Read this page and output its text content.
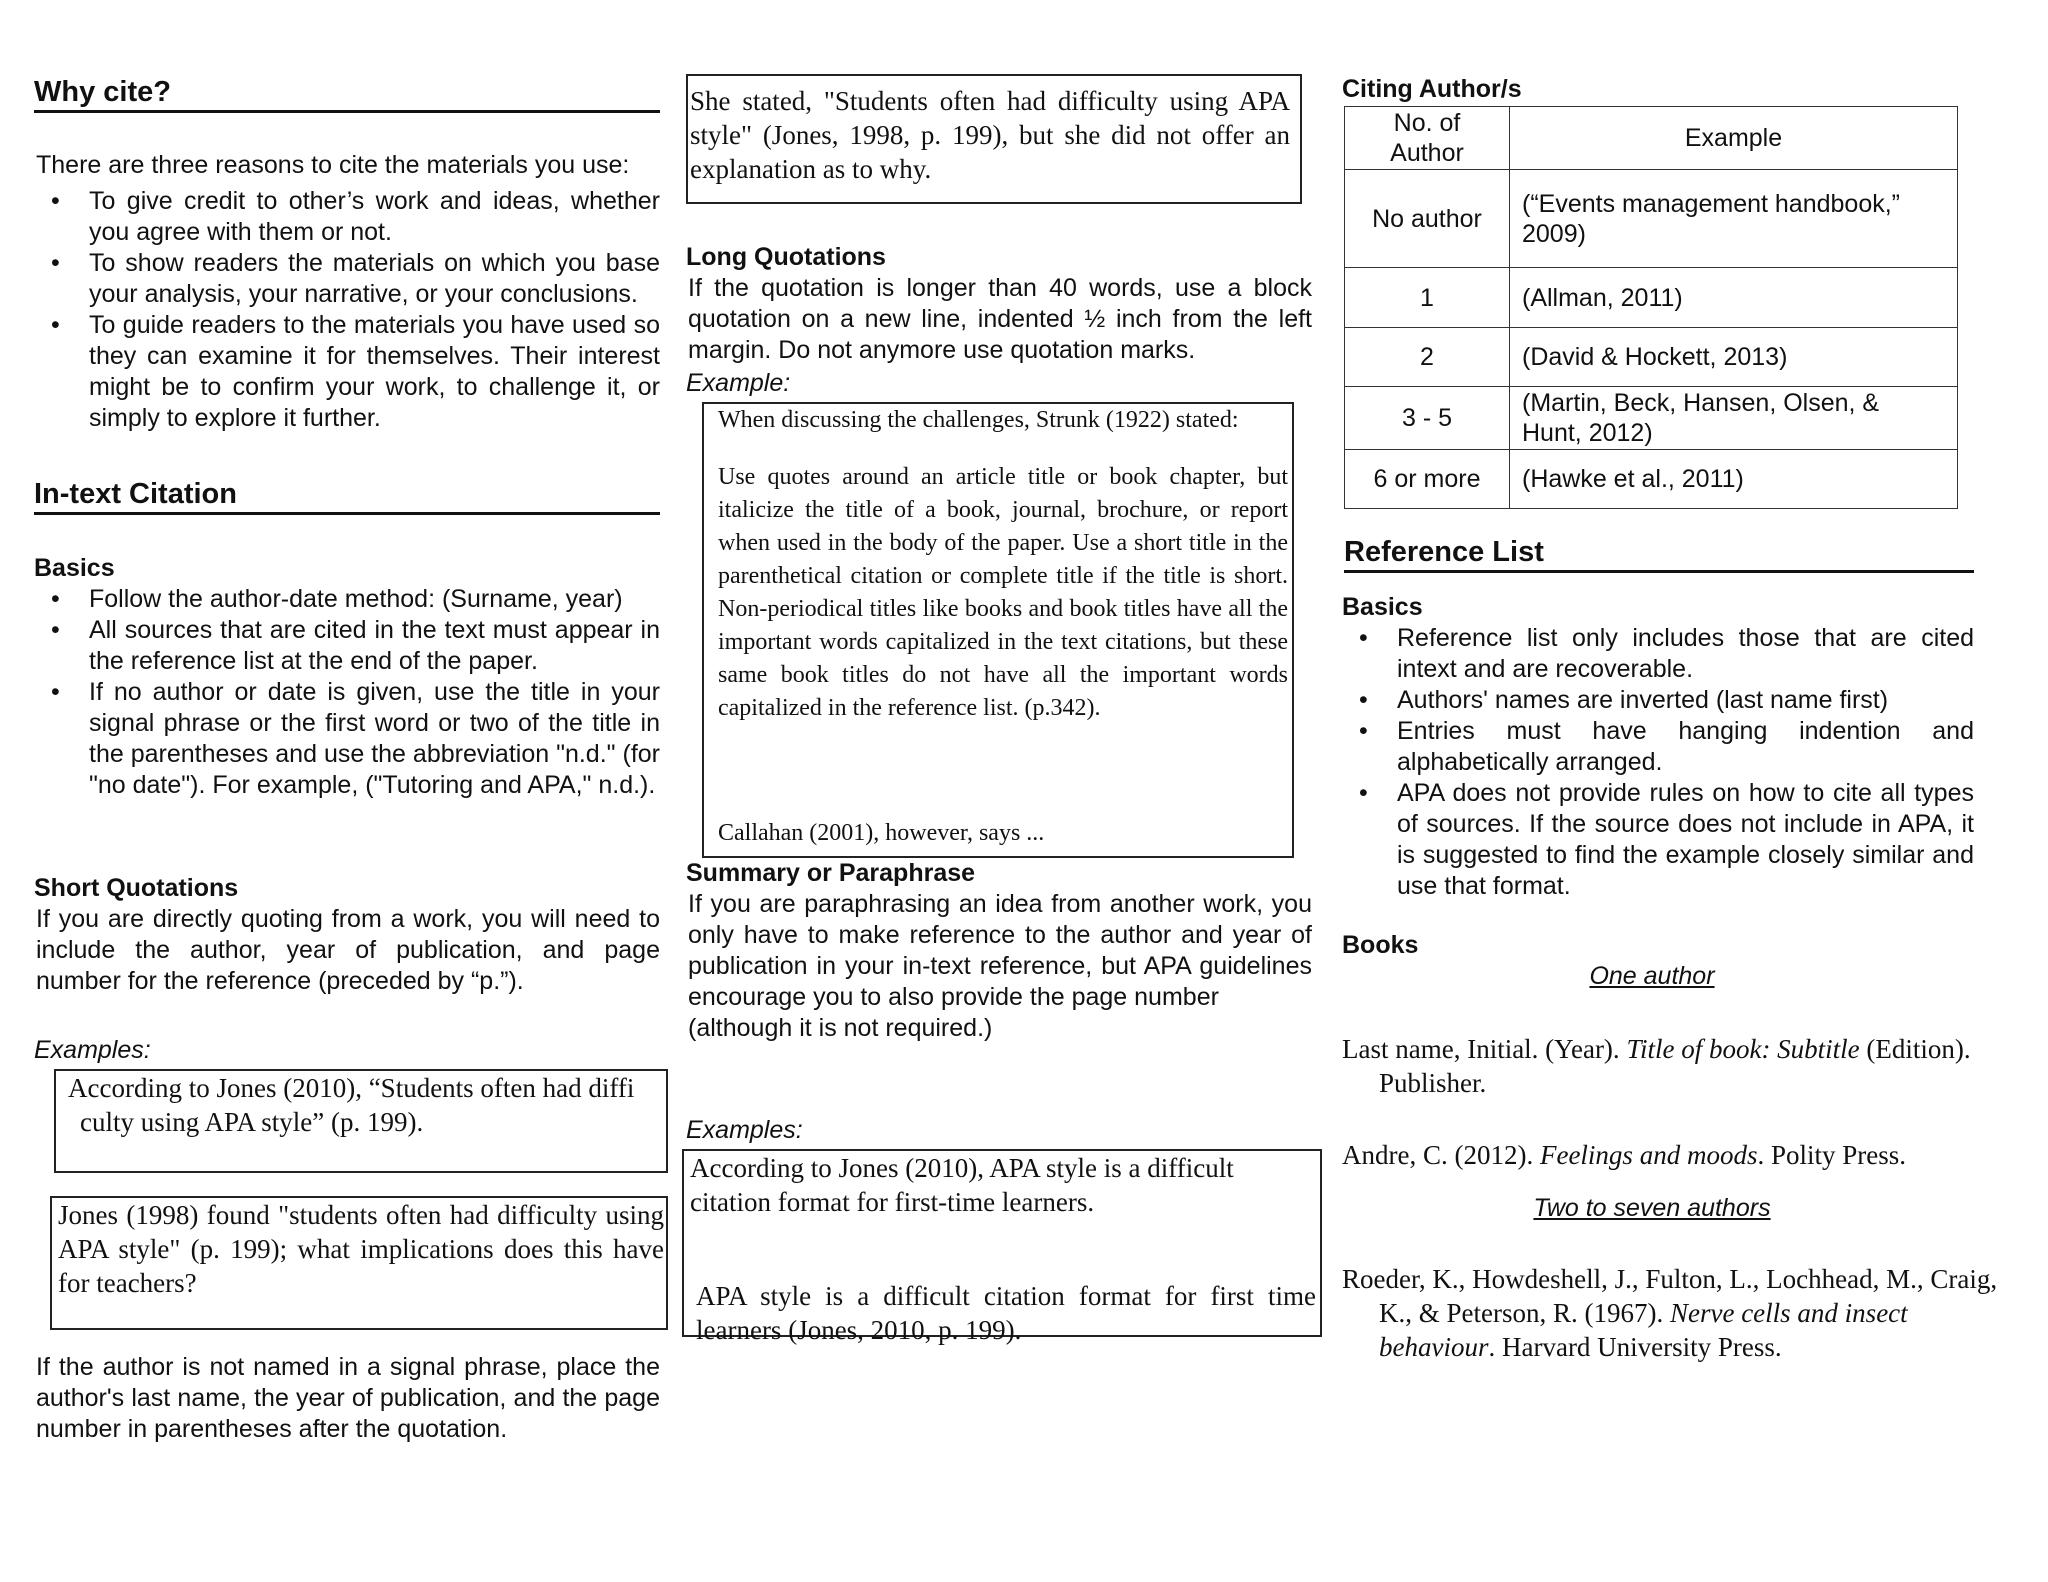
Why cite?
There are three reasons to cite the materials you use:
• To give credit to other’s work and ideas, whether you agree with them or not.
• To show readers the materials on which you base your analysis, your narrative, or your conclusions.
• To guide readers to the materials you have used so they can examine it for themselves. Their interest might be to confirm your work, to challenge it, or simply to explore it further.
In-text Citation
Basics
• Follow the author-date method: (Surname, year)
• All sources that are cited in the text must appear in the reference list at the end of the paper.
• If no author or date is given, use the title in your signal phrase or the first word or two of the title in the parentheses and use the abbreviation "n.d." (for "no date"). For example, ("Tutoring and APA," n.d.).
Short Quotations
If you are directly quoting from a work, you will need to include the author, year of publication, and page number for the reference (preceded by “p.”).
Examples:
According to Jones (2010), “Students often had diffi
culty using APA style” (p. 199).
Jones (1998) found "students often had difficulty using APA style" (p. 199); what implications does this have for teachers?
If the author is not named in a signal phrase, place the author's last name, the year of publication, and the page number in parentheses after the quotation.
She stated, "Students often had difficulty using APA style" (Jones, 1998, p. 199), but she did not offer an explanation as to why.
Long Quotations
If the quotation is longer than 40 words, use a block quotation on a new line, indented ½ inch from the left margin. Do not anymore use quotation marks.
Example:
When discussing the challenges, Strunk (1922) stated:
Use quotes around an article title or book chapter, but italicize the title of a book, journal, brochure, or report when used in the body of the paper. Use a short title in the parenthetical citation or complete title if the title is short. Non-periodical titles like books and book titles have all the important words capitalized in the text citations, but these same book titles do not have all the important words capitalized in the reference list. (p.342).
Callahan (2001), however, says ...
Summary or Paraphrase
If you are paraphrasing an idea from another work, you only have to make reference to the author and year of publication in your in-text reference, but APA guidelines encourage you to also provide the page number
(although it is not required.)
Examples:
According to Jones (2010), APA style is a difficult citation format for first-time learners.
APA style is a difficult citation format for first time learners (Jones, 2010, p. 199).
Citing Author/s
No. of Author	Example
No author	(“Events management handbook,” 2009)
1	(Allman, 2011)
2	(David & Hockett, 2013)
3 - 5	(Martin, Beck, Hansen, Olsen, & Hunt, 2012)
6 or more	(Hawke et al., 2011)
Reference List
Basics
• Reference list only includes those that are cited intext and are recoverable.
• Authors' names are inverted (last name first)
• Entries must have hanging indention and alphabetically arranged.
• APA does not provide rules on how to cite all types of sources. If the source does not include in APA, it is suggested to find the example closely similar and use that format.
Books
One author
Last name, Initial. (Year). Title of book: Subtitle (Edition). Publisher.
Andre, C. (2012). Feelings and moods. Polity Press.
Two to seven authors
Roeder, K., Howdeshell, J., Fulton, L., Lochhead, M., Craig, K., & Peterson, R. (1967). Nerve cells and insect behaviour. Harvard University Press.
